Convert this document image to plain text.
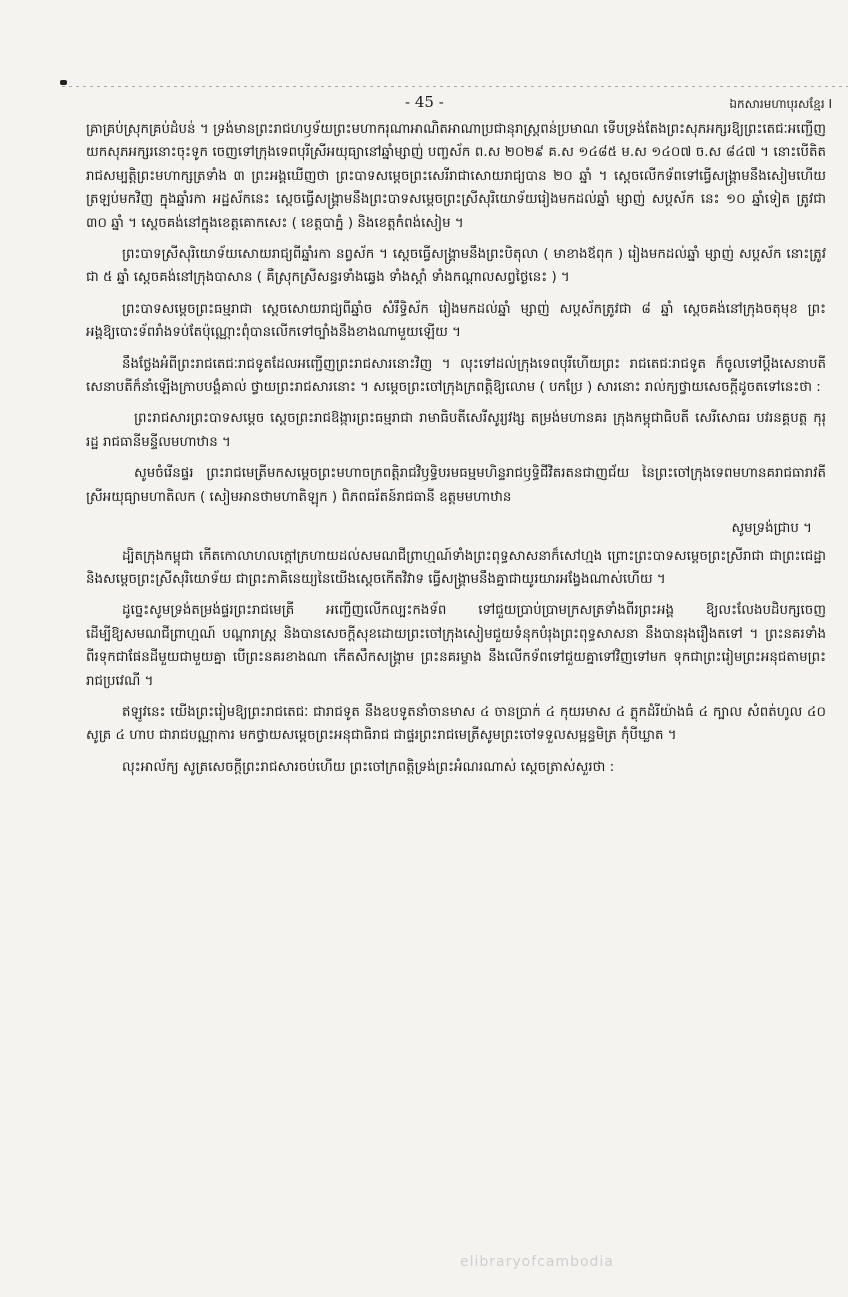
- 45 -	ឯកសារមហាបុរសខ្មែរ I

គ្រាគ្រប់ស្រុកគ្រប់ដំបន់ ។ ទ្រង់មានព្រះរាជហឫទ័យព្រះមហាករុណាអាណិតអាណាប្រជានុរាស្ត្រពន់ប្រមាណ ទើបទ្រង់តែងព្រះសុភអក្សរឱ្យព្រះតេជៈអញ្ជើញយកសុភអក្សរនោះចុះទូក ចេញទៅក្រុងទេពបុរីស្រីអយុធ្យានៅឆ្នាំម្សាញ់ បញ្ចស័ក ព.ស ២០២៩ គ.ស ១៤៨៥ ម.ស ១៤០៧ ច.ស ៨៤៧ ។ នោះបើតិតរាជសម្បត្តិព្រះមហាក្សត្រទាំង ៣ ព្រះអង្គឃើញថា ព្រះបាទសម្តេចព្រះសេរីរាជាសោយរាជ្យបាន ២០ ឆ្នាំ ។ ស្តេចលើកទ័ពទៅធ្វើសង្គ្រាមនឹងសៀមហើយត្រឡប់មកវិញ ក្នុងឆ្នាំរកា អដ្ឋស័កនេះ ស្តេចធ្វើសង្គ្រាមនឹងព្រះបាទសម្តេចព្រះស្រីសុរិយោទ័យរៀងមកដល់ឆ្នាំ ម្សាញ់ សប្តស័ក នេះ ១០ ឆ្នាំទៀត ត្រូវជា ៣០ ឆ្នាំ ។ ស្តេចគង់នៅក្នុងខេត្តគោកសេះ ( ខេត្តបាភ្នំ ) និងខេត្តកំពង់សៀម ។

ព្រះបាទស្រីសុរិយោទ័យសោយរាជ្យពីឆ្នាំរកា នព្វស័ក ។ ស្តេចធ្វើសង្គ្រាមនឹងព្រះបិតុលា ( មាខាងឪពុក ) រៀងមកដល់ឆ្នាំ ម្សាញ់ សប្តស័ក នោះត្រូវជា ៥ ឆ្នាំ ស្តេចគង់នៅក្រុងបាសាន ( គឺស្រុកស្រីសន្ធរទាំងឆ្វេង ទាំងស្តាំ ទាំងកណ្តាលសព្វថ្ងៃនេះ ) ។

ព្រះបាទសម្តេចព្រះធម្មរាជា ស្តេចសោយរាជ្យពីឆ្នាំច សំរឹទ្ធិស័ក រៀងមកដល់ឆ្នាំ ម្សាញ់ សប្តស័កត្រូវជា ៨ ឆ្នាំ ស្តេចគង់នៅក្រុងចតុមុខ ព្រះអង្គឱ្យបោះទ័ពរាំងទប់តែប៉ុណ្ណោះពុំបានលើកទៅច្បាំងនឹងខាងណាមួយឡើយ ។

នឹងថ្លែងអំពីព្រះរាជតេជៈរាជទូតដែលអញ្ជើញព្រះរាជសារនោះវិញ ។ លុះទៅដល់ក្រុងទេពបុរីហើយព្រះ រាជតេជៈរាជទូត ក៏ចូលទៅប្តឹងសេនាបតី សេនាបតីក៏នាំឡើងក្រាបបង្គំគាល់ ថ្វាយព្រះរាជសារនោះ ។ សម្តេចព្រះចៅក្រុងក្រពត្តិឱ្យលោម ( បកប្រែ ) សារនោះ រាល់ក្យថ្វាយសេចក្តីដូចតទៅនេះថា :

ព្រះរាជសារព្រះបាទសម្តេច ស្តេចព្រះរាជឱង្ការព្រះធម្មរាជា រាមាធិបតីសេរីសូរ្យវង្ស តម្រង់មហានគរ ក្រុងកម្ពុជាធិបតី សេរីសោធរ បវរនគ្គបត្ត កុរុរដ្ឋ រាជធានីមន្ទីលមហាឋាន ។

សូមចំរើនផ្ទរ ព្រះរាជមេត្រីមកសម្តេចព្រះមហាចក្រពត្តិរាជវិឫទ្ធិបរមធម្មមហិន្ទរាជឫទ្ធិជីវិតរតនជាញជ័យ នៃព្រះចៅក្រុងទេពមហានគរាជធារាវតីស្រីអយុធ្យាមហាតិលក ( សៀមអានថាមហាតិឡុក ) ពិភពធរ័តន៍រាជធានី ឧត្តមមហាឋាន

សូមទ្រង់ជ្រាប ។

ដ្បិតក្រុងកម្ពុជា កើតកោលាហលក្តៅក្រហាយដល់សមណជីព្រាហ្មណ៍ទាំងព្រះពុទ្ធសាសនាក៏សៅហ្មង ព្រោះព្រះបាទសម្តេចព្រះស្រីរាជា ជាព្រះជេដ្ឋា និងសម្តេចព្រះស្រីសុរិយោទ័យ ជាព្រះភាគិនេយ្យនៃយើងស្តេចកើតវិវាទ ធ្វើសង្គ្រាមនឹងគ្នាជាយូរយារអង្វែងណាស់ហើយ ។

ដូច្នេះសូមទ្រង់តម្រង់ផ្ទរព្រះរាជមេត្រី អញ្ជើញលើកល្បះកងទ័ព ទៅជួយប្រាប់ប្រាមក្រសត្រទាំងពីរព្រះអង្គ ឱ្យលះលែងបដិបក្សចេញដើម្បីឱ្យសមណជីព្រាហ្មណ៍ បណ្តារាស្ត្រ និងបានសេចក្តីសុខដោយព្រះចៅក្រុងសៀមជួយទំនុកបំរុងព្រះពុទ្ធសាសនា នឹងបានរុងរឿងតទៅ ។ ព្រះនគរទាំងពីរទុកជាផែនដីមួយជាមួយគ្នា បើព្រះនគរខាងណា កើតសឹកសង្គ្រាម ព្រះនគរម្ខាង នឹងលើកទ័ពទៅជួយគ្នាទៅវិញទៅមក ទុកជាព្រះរៀមព្រះអនុជតាមព្រះរាជប្រវេណី ។

ឥឡូវនេះ យើងព្រះរៀមឱ្យព្រះរាជតេជៈ ជារាជទូត នឹងឧបទូតនាំចានមាស ៤ ចានប្រាក់ ៤ កុយរមាស ៤ ភ្លុកដំរីយ៉ាងធំ ៤ ក្បាល សំពត់ហូល ៤០ សូត្រ ៤ ហាប ជារាជបណ្ណាការ មកថ្វាយសម្តេចព្រះអនុជាធិរាជ ជាផ្ទរព្រះរាជមេត្រីសូមព្រះចៅទទួលសម្អន្ធមិត្រ កុំបីឃ្លាត ។

លុះអាល័ក្យ សូត្រសេចក្តីព្រះរាជសារចប់ហើយ ព្រះចៅក្រពត្តិទ្រង់ព្រះអំណរណាស់ ស្តេចត្រាស់សួរថា :

elibraryofcambodia
